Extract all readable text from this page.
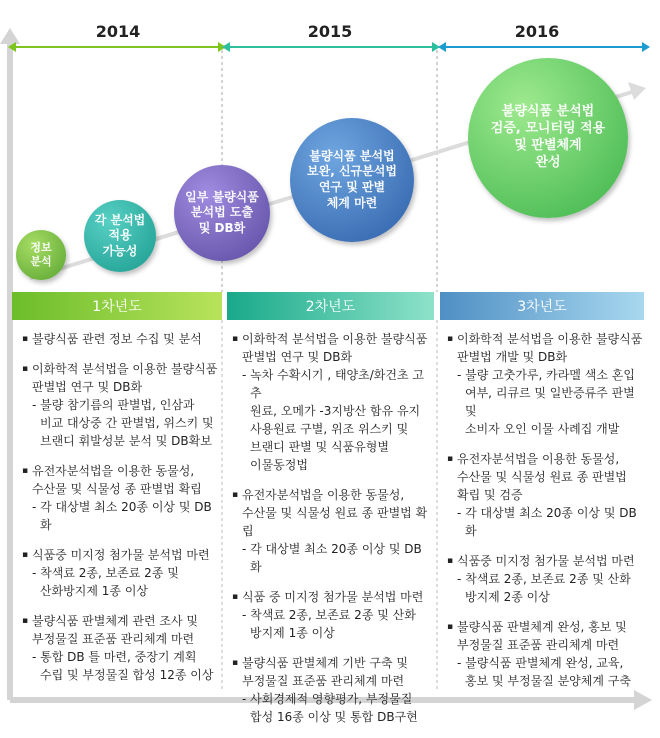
2014	2015	2016
정보
분석
각 분석법
적용
가능성
일부 불량식품
분석법 도출
및 DB화
불량식품 분석법
보완, 신규분석법
연구 및 판별
체계 마련
불량식품 분석법
검증, 모니터링 적용
및 판별체계
완성
1차년도	2차년도	3차년도
▪ 불량식품 관련 정보 수집 및 분석
▪ 이화학적 분석법을 이용한 불량식품
판별법 연구 및 DB화
- 불량 참기름의 판별법, 인삼과
비교 대상중 간 판별법, 위스키 및
브랜디 휘발성분 분석 및 DB확보
▪ 유전자분석법을 이용한 동물성,
수산물 및 식물성 종 판별법 확립
- 각 대상별 최소 20종 이상 및 DB화
▪ 식품중 미지정 첨가물 분석법 마련
- 착색료 2종, 보존료 2종 및
산화방지제 1종 이상
▪ 불량식품 판별체계 관련 조사 및
부정물질 표준품 관리체계 마련
- 통합 DB 틀 마련, 중장기 계획
수립 및 부정물질 합성 12종 이상
▪ 이화학적 분석법을 이용한 불량식품
판별법 연구 및 DB화
- 녹차 수확시기 , 태양초/화건초 고추
원료, 오메가 -3지방산 함유 유지
사용원료 구별, 위조 위스키 및
브랜디 판별 및 식품유형별
이물동정법
▪ 유전자분석법을 이용한 동물성,
수산물 및 식물성 원료 종 판별법 확립
- 각 대상별 최소 20종 이상 및 DB화
▪ 식품 중 미지정 첨가물 분석법 마련
- 착색료 2종, 보존료 2종 및 산화
방지제 1종 이상
▪ 불량식품 판별체계 기반 구축 및
부정물질 표준품 관리체계 마련
- 사회경제적 영향평가, 부정물질
합성 16종 이상 및 통합 DB구현
▪ 이화학적 분석법을 이용한 불량식품
판별법 개발 및 DB화
- 불량 고춧가루, 카라멜 색소 혼입
여부, 리큐르 및 일반증류주 판별 및
소비자 오인 이물 사례집 개발
▪ 유전자분석법을 이용한 동물성,
수산물 및 식물성 원료 종 판별법
확립 및 검증
- 각 대상별 최소 20종 이상 및 DB화
▪ 식품중 미지정 첨가물 분석법 마련
- 착색료 2종, 보존료 2종 및 산화
방지제 2종 이상
▪ 불량식품 판별체계 완성, 홍보 및
부정물질 표준품 관리체계 마련
- 불량식품 판별체계 완성, 교육,
홍보 및 부정물질 분양체계 구축
